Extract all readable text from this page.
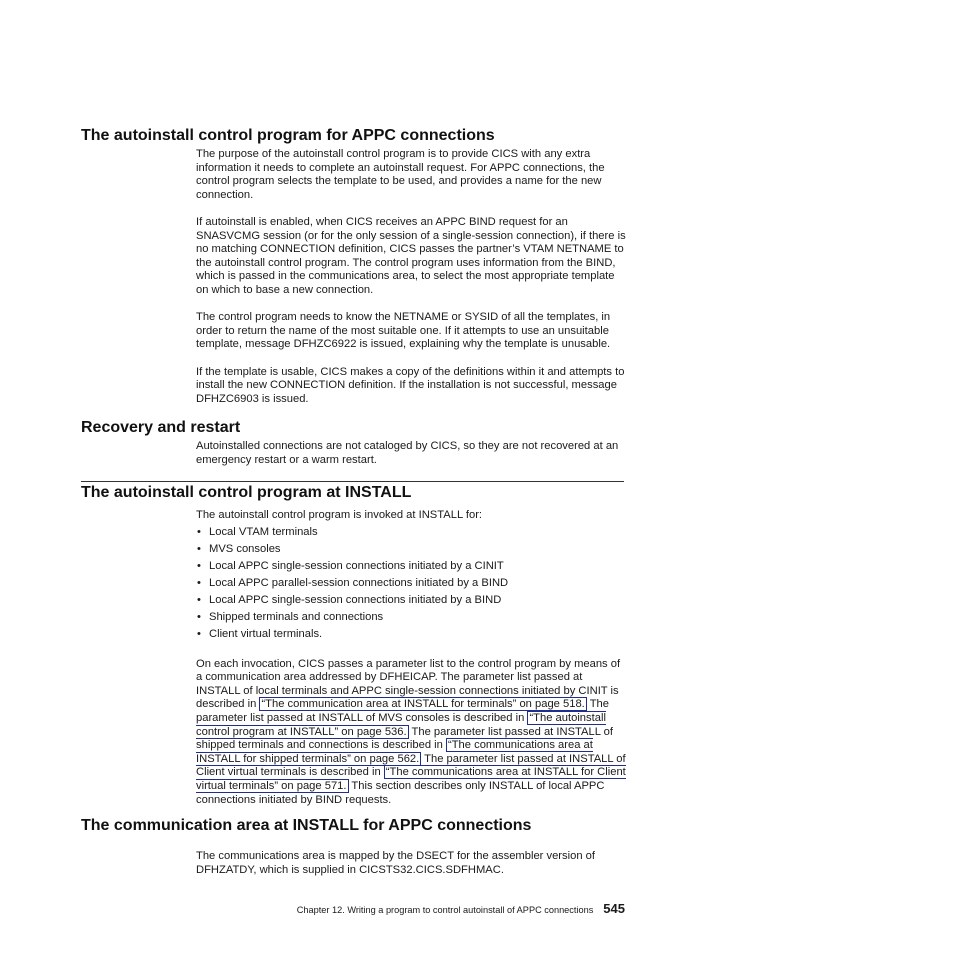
The autoinstall control program for APPC connections

The purpose of the autoinstall control program is to provide CICS with any extra information it needs to complete an autoinstall request. For APPC connections, the control program selects the template to be used, and provides a name for the new connection.

If autoinstall is enabled, when CICS receives an APPC BIND request for an SNASVCMG session (or for the only session of a single-session connection), if there is no matching CONNECTION definition, CICS passes the partner’s VTAM NETNAME to the autoinstall control program. The control program uses information from the BIND, which is passed in the communications area, to select the most appropriate template on which to base a new connection.

The control program needs to know the NETNAME or SYSID of all the templates, in order to return the name of the most suitable one. If it attempts to use an unsuitable template, message DFHZC6922 is issued, explaining why the template is unusable.

If the template is usable, CICS makes a copy of the definitions within it and attempts to install the new CONNECTION definition. If the installation is not successful, message DFHZC6903 is issued.

Recovery and restart

Autoinstalled connections are not cataloged by CICS, so they are not recovered at an emergency restart or a warm restart.

The autoinstall control program at INSTALL

The autoinstall control program is invoked at INSTALL for:

• Local VTAM terminals
• MVS consoles
• Local APPC single-session connections initiated by a CINIT
• Local APPC parallel-session connections initiated by a BIND
• Local APPC single-session connections initiated by a BIND
• Shipped terminals and connections
• Client virtual terminals.

On each invocation, CICS passes a parameter list to the control program by means of a communication area addressed by DFHEICAP. The parameter list passed at INSTALL of local terminals and APPC single-session connections initiated by CINIT is described in “The communication area at INSTALL for terminals” on page 518. The parameter list passed at INSTALL of MVS consoles is described in “The autoinstall control program at INSTALL” on page 536. The parameter list passed at INSTALL of shipped terminals and connections is described in “The communications area at INSTALL for shipped terminals” on page 562. The parameter list passed at INSTALL of Client virtual terminals is described in “The communications area at INSTALL for Client virtual terminals” on page 571. This section describes only INSTALL of local APPC connections initiated by BIND requests.

The communication area at INSTALL for APPC connections

The communications area is mapped by the DSECT for the assembler version of DFHZATDY, which is supplied in CICSTS32.CICS.SDFHMAC.

Chapter 12. Writing a program to control autoinstall of APPC connections 545
